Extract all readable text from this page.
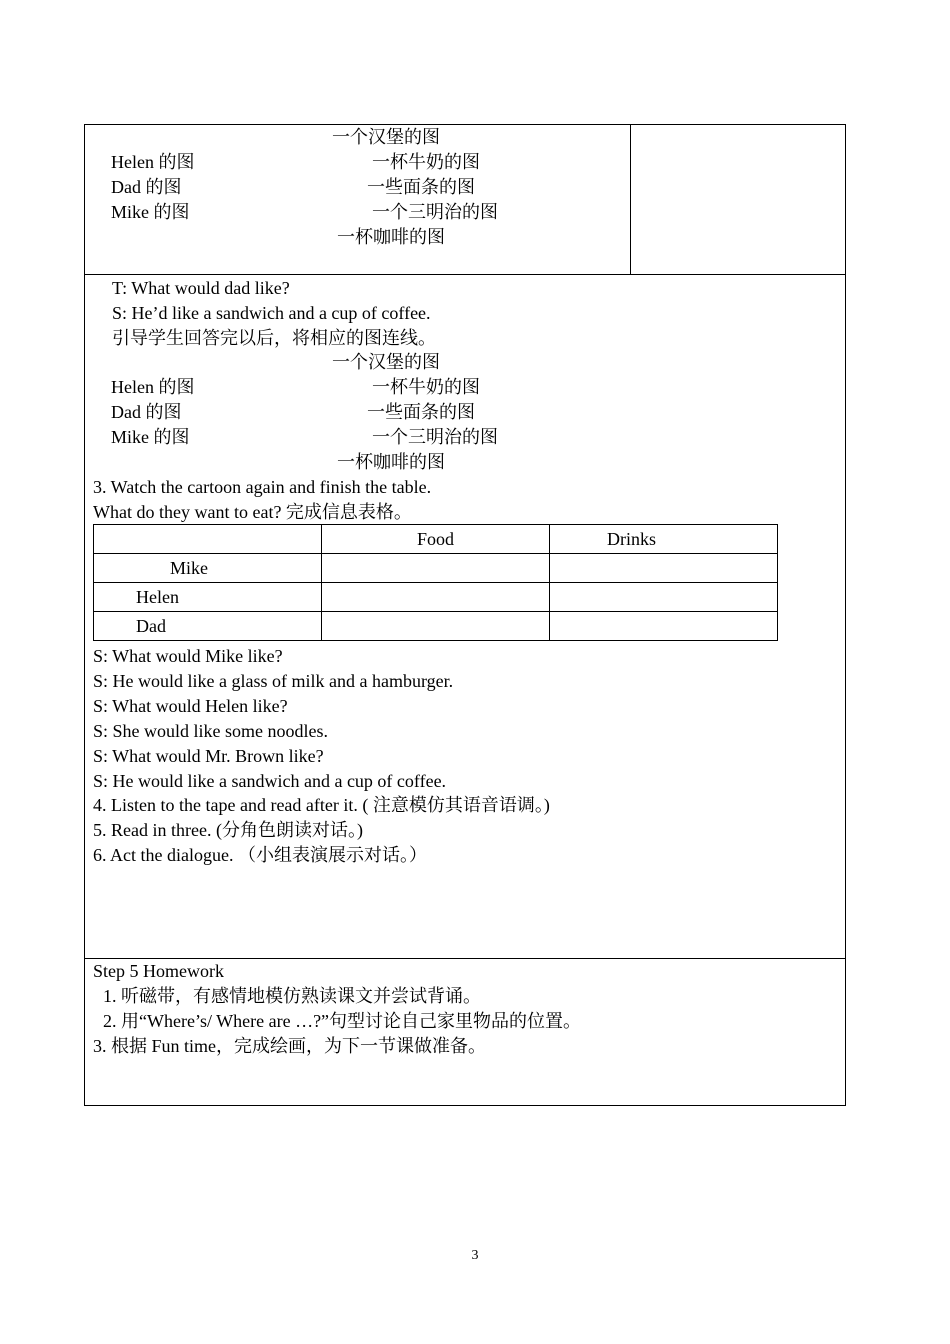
一个汉堡的图
Helen 的图	一杯牛奶的图
Dad 的图	一些面条的图
Mike 的图	一个三明治的图
一杯咖啡的图
T: What would dad like?
S: He’d like a sandwich and a cup of coffee.
引导学生回答完以后，将相应的图连线。
一个汉堡的图
Helen 的图	一杯牛奶的图
Dad 的图	一些面条的图
Mike 的图	一个三明治的图
一杯咖啡的图
3. Watch the cartoon again and finish the table.
What do they want to eat? 完成信息表格。
	Food	Drinks
Mike		
Helen		
Dad		
S: What would Mike like?
S: He would like a glass of milk and a hamburger.
S: What would Helen like?
S: She would like some noodles.
S: What would Mr. Brown like?
S: He would like a sandwich and a cup of coffee.
4. Listen to the tape and read after it. ( 注意模仿其语音语调。)
5. Read in three. (分角色朗读对话。)
6. Act the dialogue. （小组表演展示对话。）
Step 5 Homework
1. 听磁带，有感情地模仿熟读课文并尝试背诵。
2. 用“Where’s/ Where are …?”句型讨论自己家里物品的位置。
3. 根据 Fun time，完成绘画，为下一节课做准备。
3
